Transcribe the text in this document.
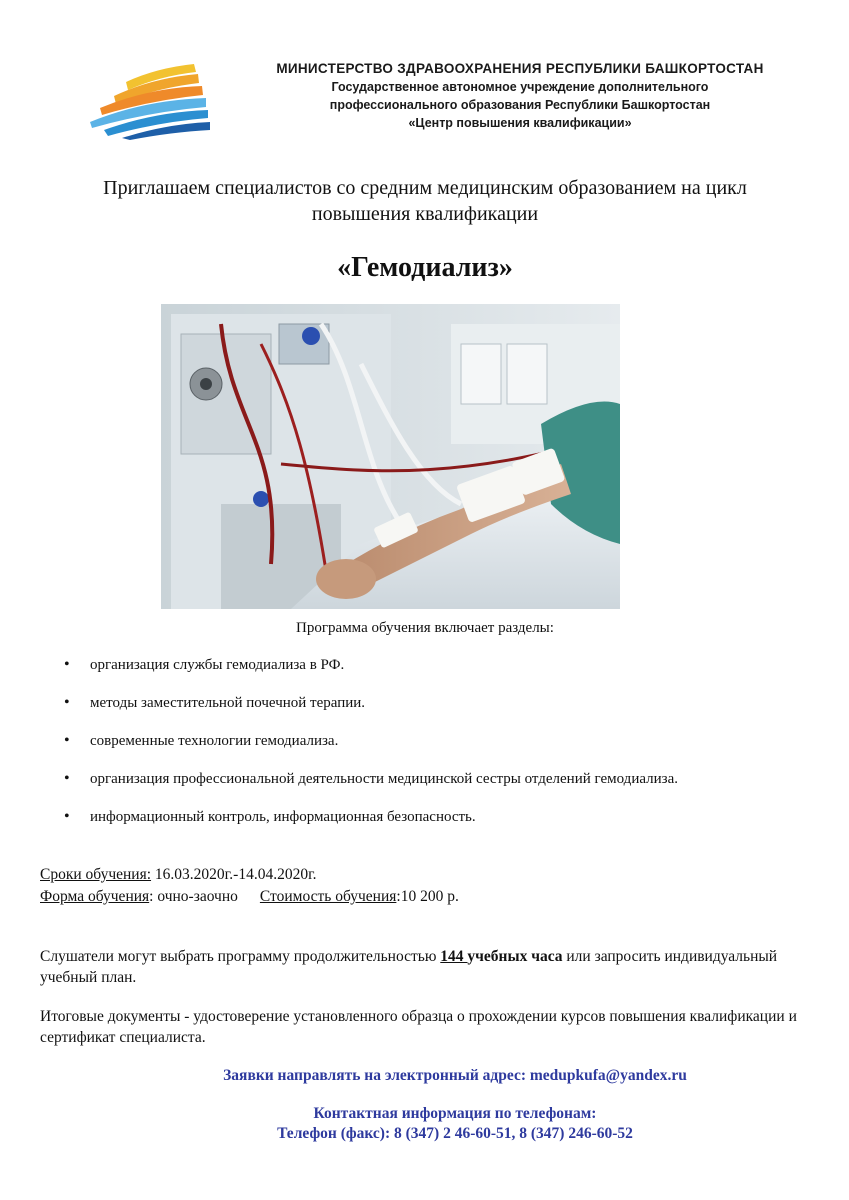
МИНИСТЕРСТВО ЗДРАВООХРАНЕНИЯ РЕСПУБЛИКИ БАШКОРТОСТАН
Государственное автономное учреждение дополнительного
профессионального образования Республики Башкортостан
«Центр повышения квалификации»
Приглашаем специалистов со средним медицинским образованием на цикл
повышения квалификации
«Гемодиализ»
Программа обучения включает разделы:
• организация службы гемодиализа в РФ.
• методы заместительной почечной терапии.
• современные технологии гемодиализа.
• организация профессиональной деятельности медицинской сестры отделений гемодиализа.
• информационный контроль, информационная безопасность.
Сроки обучения: 16.03.2020г.-14.04.2020г.
Форма обучения: очно-заочно Стоимость обучения:10 200 р.
Слушатели могут выбрать программу продолжительностью 144 учебных часа или запросить индивидуальный учебный план.
Итоговые документы - удостоверение установленного образца о прохождении курсов повышения квалификации и сертификат специалиста.
Заявки направлять на электронный адрес: medupkufa@yandex.ru
Контактная информация по телефонам:
Телефон (факс): 8 (347) 2 46-60-51, 8 (347) 246-60-52
